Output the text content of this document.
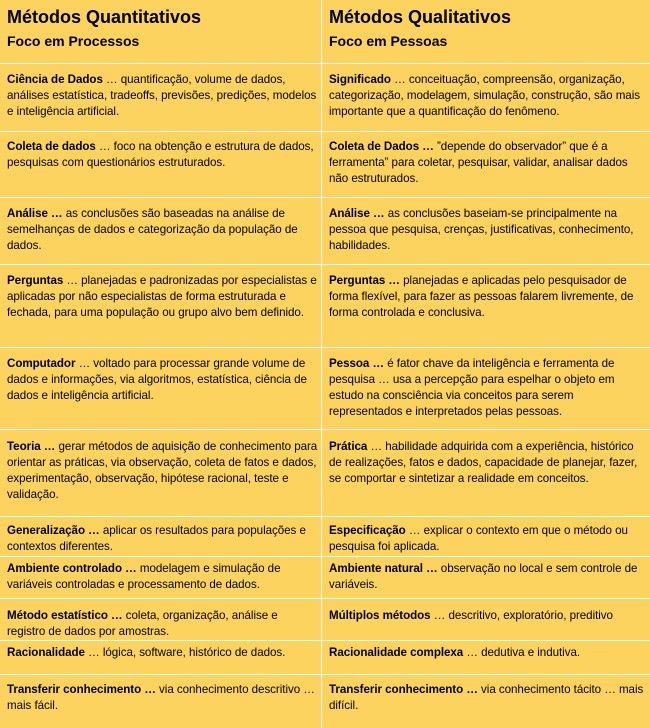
Métodos Quantitativos
Foco em Processos
Métodos Qualitativos
Foco em Pessoas
Ciência de Dados … quantificação, volume de dados, análises estatística, tradeoffs, previsões, predições, modelos e inteligência artificial.
Significado … conceituação, compreensão, organização, categorização, modelagem, simulação, construção, são mais importante que a quantificação do fenômeno.
Coleta de dados … foco na obtenção e estrutura de dados, pesquisas com questionários estruturados.
Coleta de Dados … ”depende do observador” que é a ferramenta” para coletar, pesquisar, validar, analisar dados não estruturados.
Análise … as conclusões são baseadas na análise de semelhanças de dados e categorização da população de dados.
Análise … as conclusões baseiam-se principalmente na pessoa que pesquisa, crenças, justificativas, conhecimento, habilidades.
Perguntas … planejadas e padronizadas por especialistas e aplicadas por não especialistas de forma estruturada e fechada, para uma população ou grupo alvo bem definido.
Perguntas … planejadas e aplicadas pelo pesquisador de forma flexível, para fazer as pessoas falarem livremente, de forma controlada e conclusiva.
Computador … voltado para processar grande volume de dados e informações, via algoritmos, estatística, ciência de dados e inteligência artificial.
Pessoa … é fator chave da inteligência e ferramenta de pesquisa … usa a percepção para espelhar o objeto em estudo na consciência via conceitos para serem representados e interpretados pelas pessoas.
Teoria … gerar métodos de aquisição de conhecimento para orientar as práticas, via observação, coleta de fatos e dados, experimentação, observação, hipótese racional, teste e validação.
Prática … habilidade adquirida com a experiência, histórico de realizações, fatos e dados, capacidade de planejar, fazer, se comportar e sintetizar a realidade em conceitos.
Generalização … aplicar os resultados para populações e contextos diferentes.
Especificação … explicar o contexto em que o método ou pesquisa foi aplicada.
Ambiente controlado … modelagem e simulação de variáveis controladas e processamento de dados.
Ambiente natural … observação no local e sem controle de variáveis.
Método estatístico … coleta, organização, análise e registro de dados por amostras.
Múltiplos métodos … descritivo, exploratório, preditivo
Racionalidade … lógica, software, histórico de dados.	Racionalidade complexa … dedutiva e indutiva.
Transferir conhecimento … via conhecimento descritivo … mais fácil.
Transferir conhecimento … via conhecimento tácito … mais difícil.
